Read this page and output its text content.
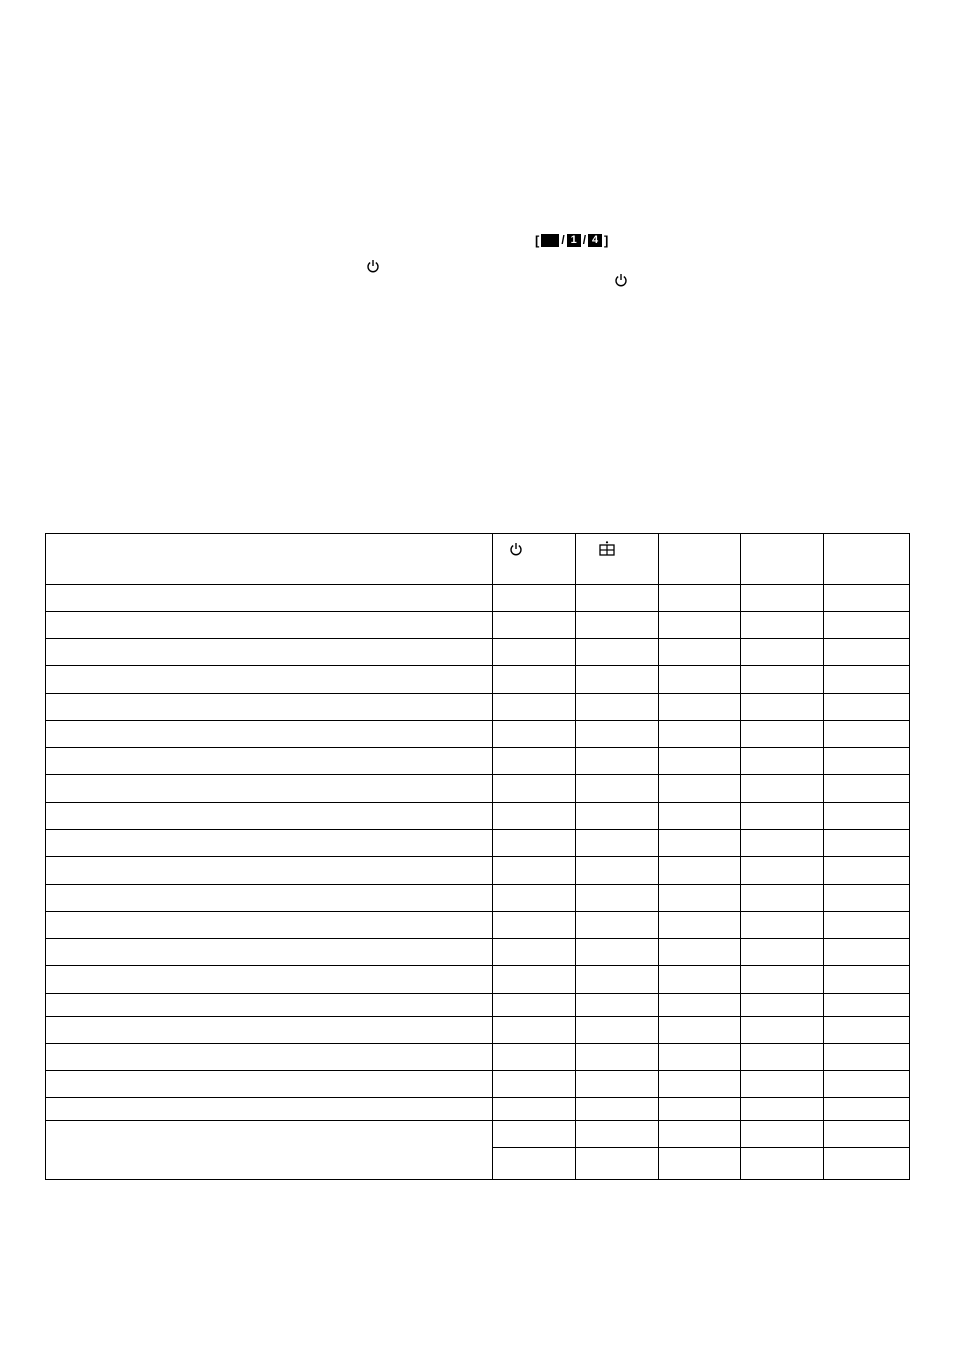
[ / 1 / 4 ]
